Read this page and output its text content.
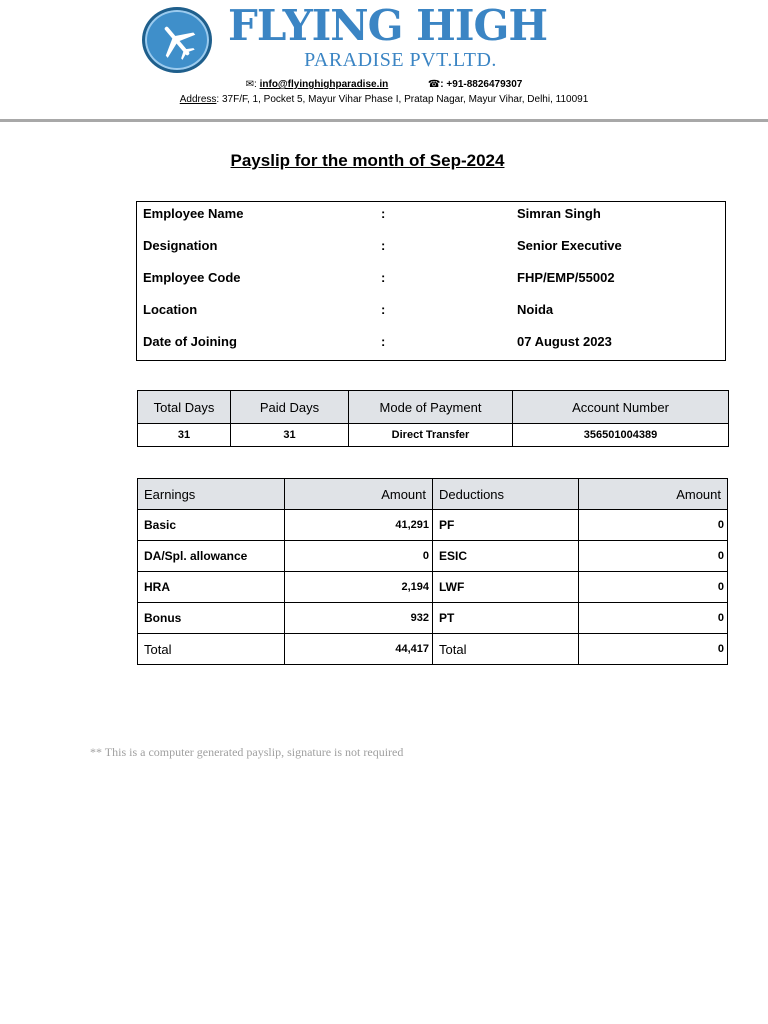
FLYING HIGH
PARADISE PVT.LTD.
✉: info@flyinghighparadise.in	☎: +91-8826479307
Address: 37F/F, 1, Pocket 5, Mayur Vihar Phase I, Pratap Nagar, Mayur Vihar, Delhi, 110091
Payslip for the month of Sep-2024
Employee Name	:	Simran Singh
Designation	:	Senior Executive
Employee Code	:	FHP/EMP/55002
Location	:	Noida
Date of Joining	:	07 August 2023
Total Days	Paid Days	Mode of Payment	Account Number
31	31	Direct Transfer	356501004389
Earnings	Amount	Deductions	Amount
Basic	41,291	PF	0
DA/Spl. allowance	0	ESIC	0
HRA	2,194	LWF	0
Bonus	932	PT	0
Total	44,417	Total	0
** This is a computer generated payslip, signature is not required
